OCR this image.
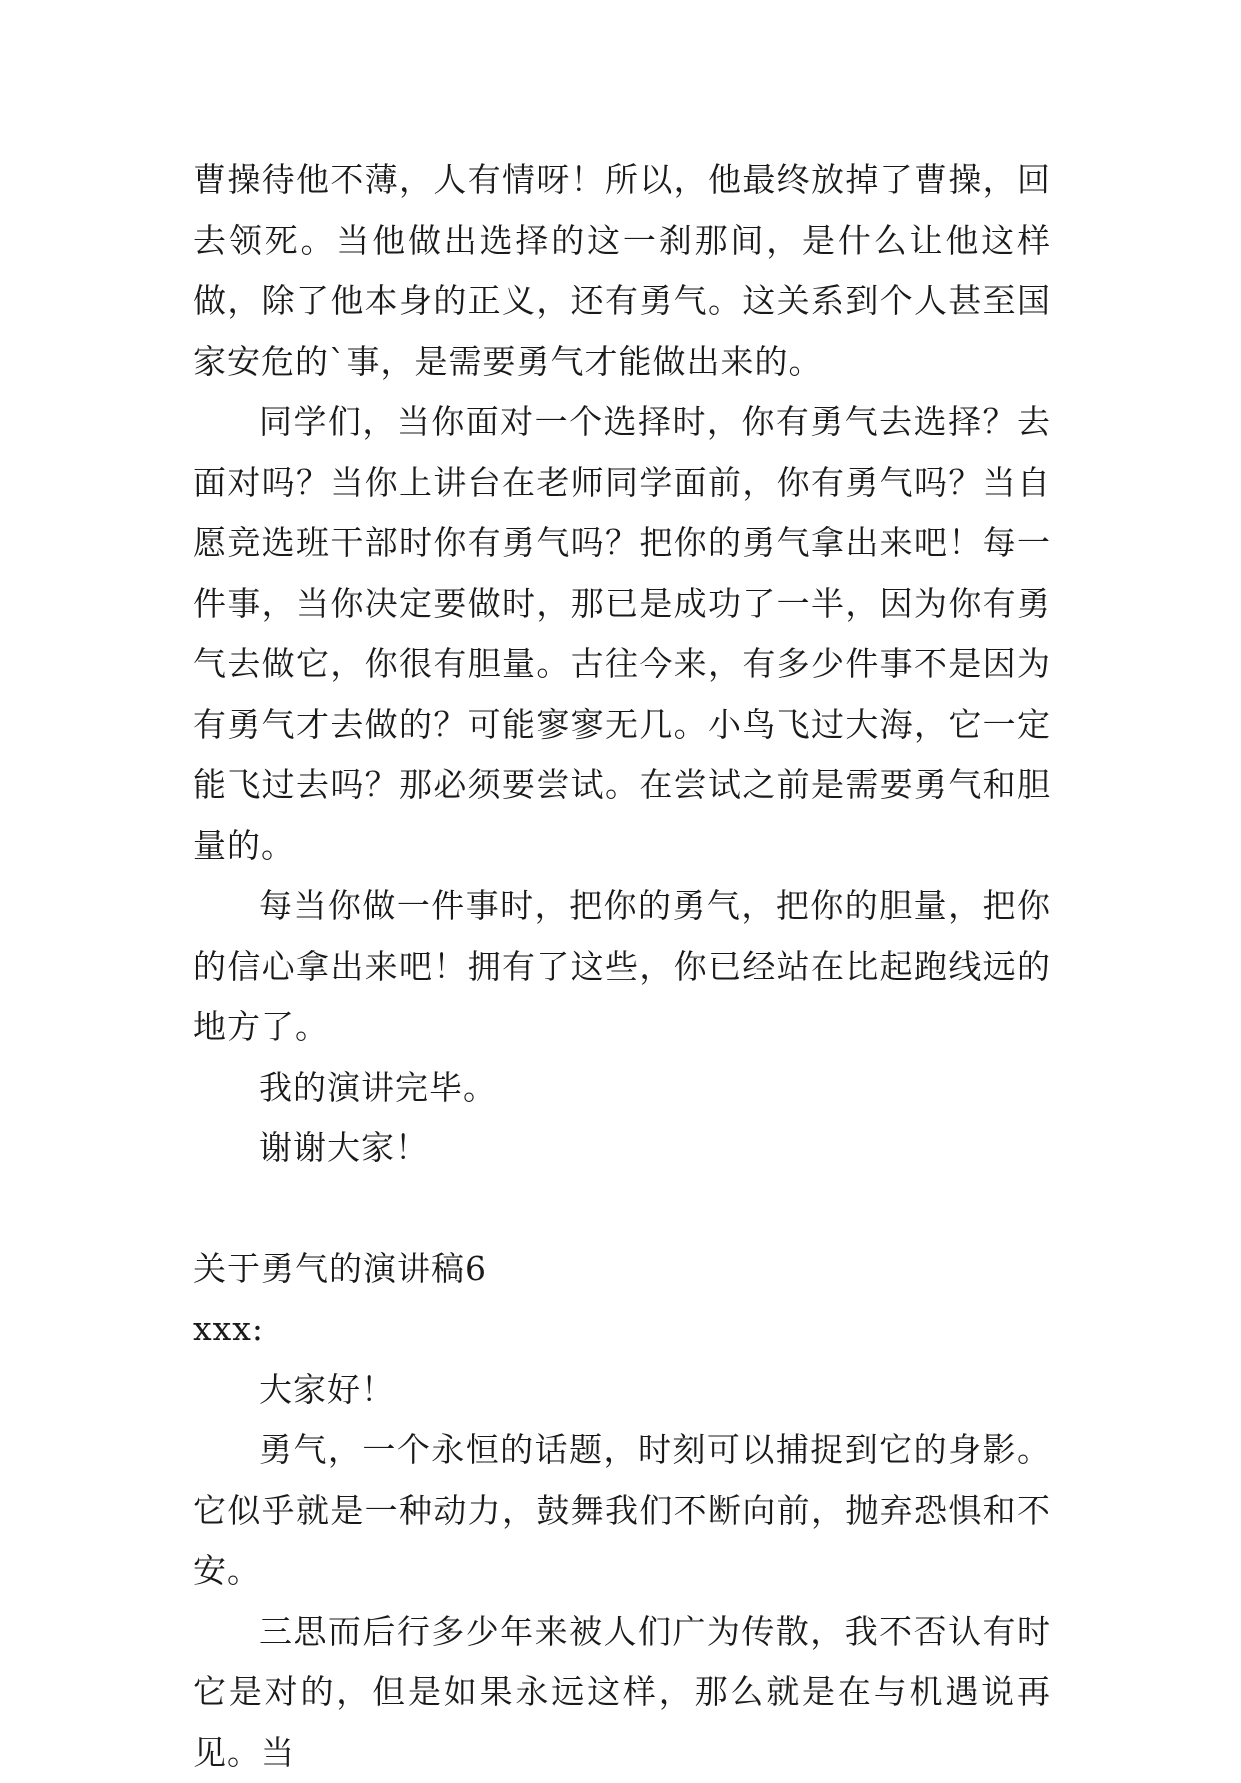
曹操待他不薄，人有情呀！所以，他最终放掉了曹操，回去领死。当他做出选择的这一刹那间，是什么让他这样做，除了他本身的正义，还有勇气。这关系到个人甚至国家安危的`事，是需要勇气才能做出来的。

同学们，当你面对一个选择时，你有勇气去选择？去面对吗？当你上讲台在老师同学面前，你有勇气吗？当自愿竞选班干部时你有勇气吗？把你的勇气拿出来吧！每一件事，当你决定要做时，那已是成功了一半，因为你有勇气去做它，你很有胆量。古往今来，有多少件事不是因为有勇气才去做的？可能寥寥无几。小鸟飞过大海，它一定能飞过去吗？那必须要尝试。在尝试之前是需要勇气和胆量的。

每当你做一件事时，把你的勇气，把你的胆量，把你的信心拿出来吧！拥有了这些，你已经站在比起跑线远的地方了。

我的演讲完毕。

谢谢大家！

关于勇气的演讲稿6

xxx:

大家好！

勇气，一个永恒的话题，时刻可以捕捉到它的身影。它似乎就是一种动力，鼓舞我们不断向前，抛弃恐惧和不安。

三思而后行多少年来被人们广为传散，我不否认有时它是对的，但是如果永远这样，那么就是在与机遇说再见。当
